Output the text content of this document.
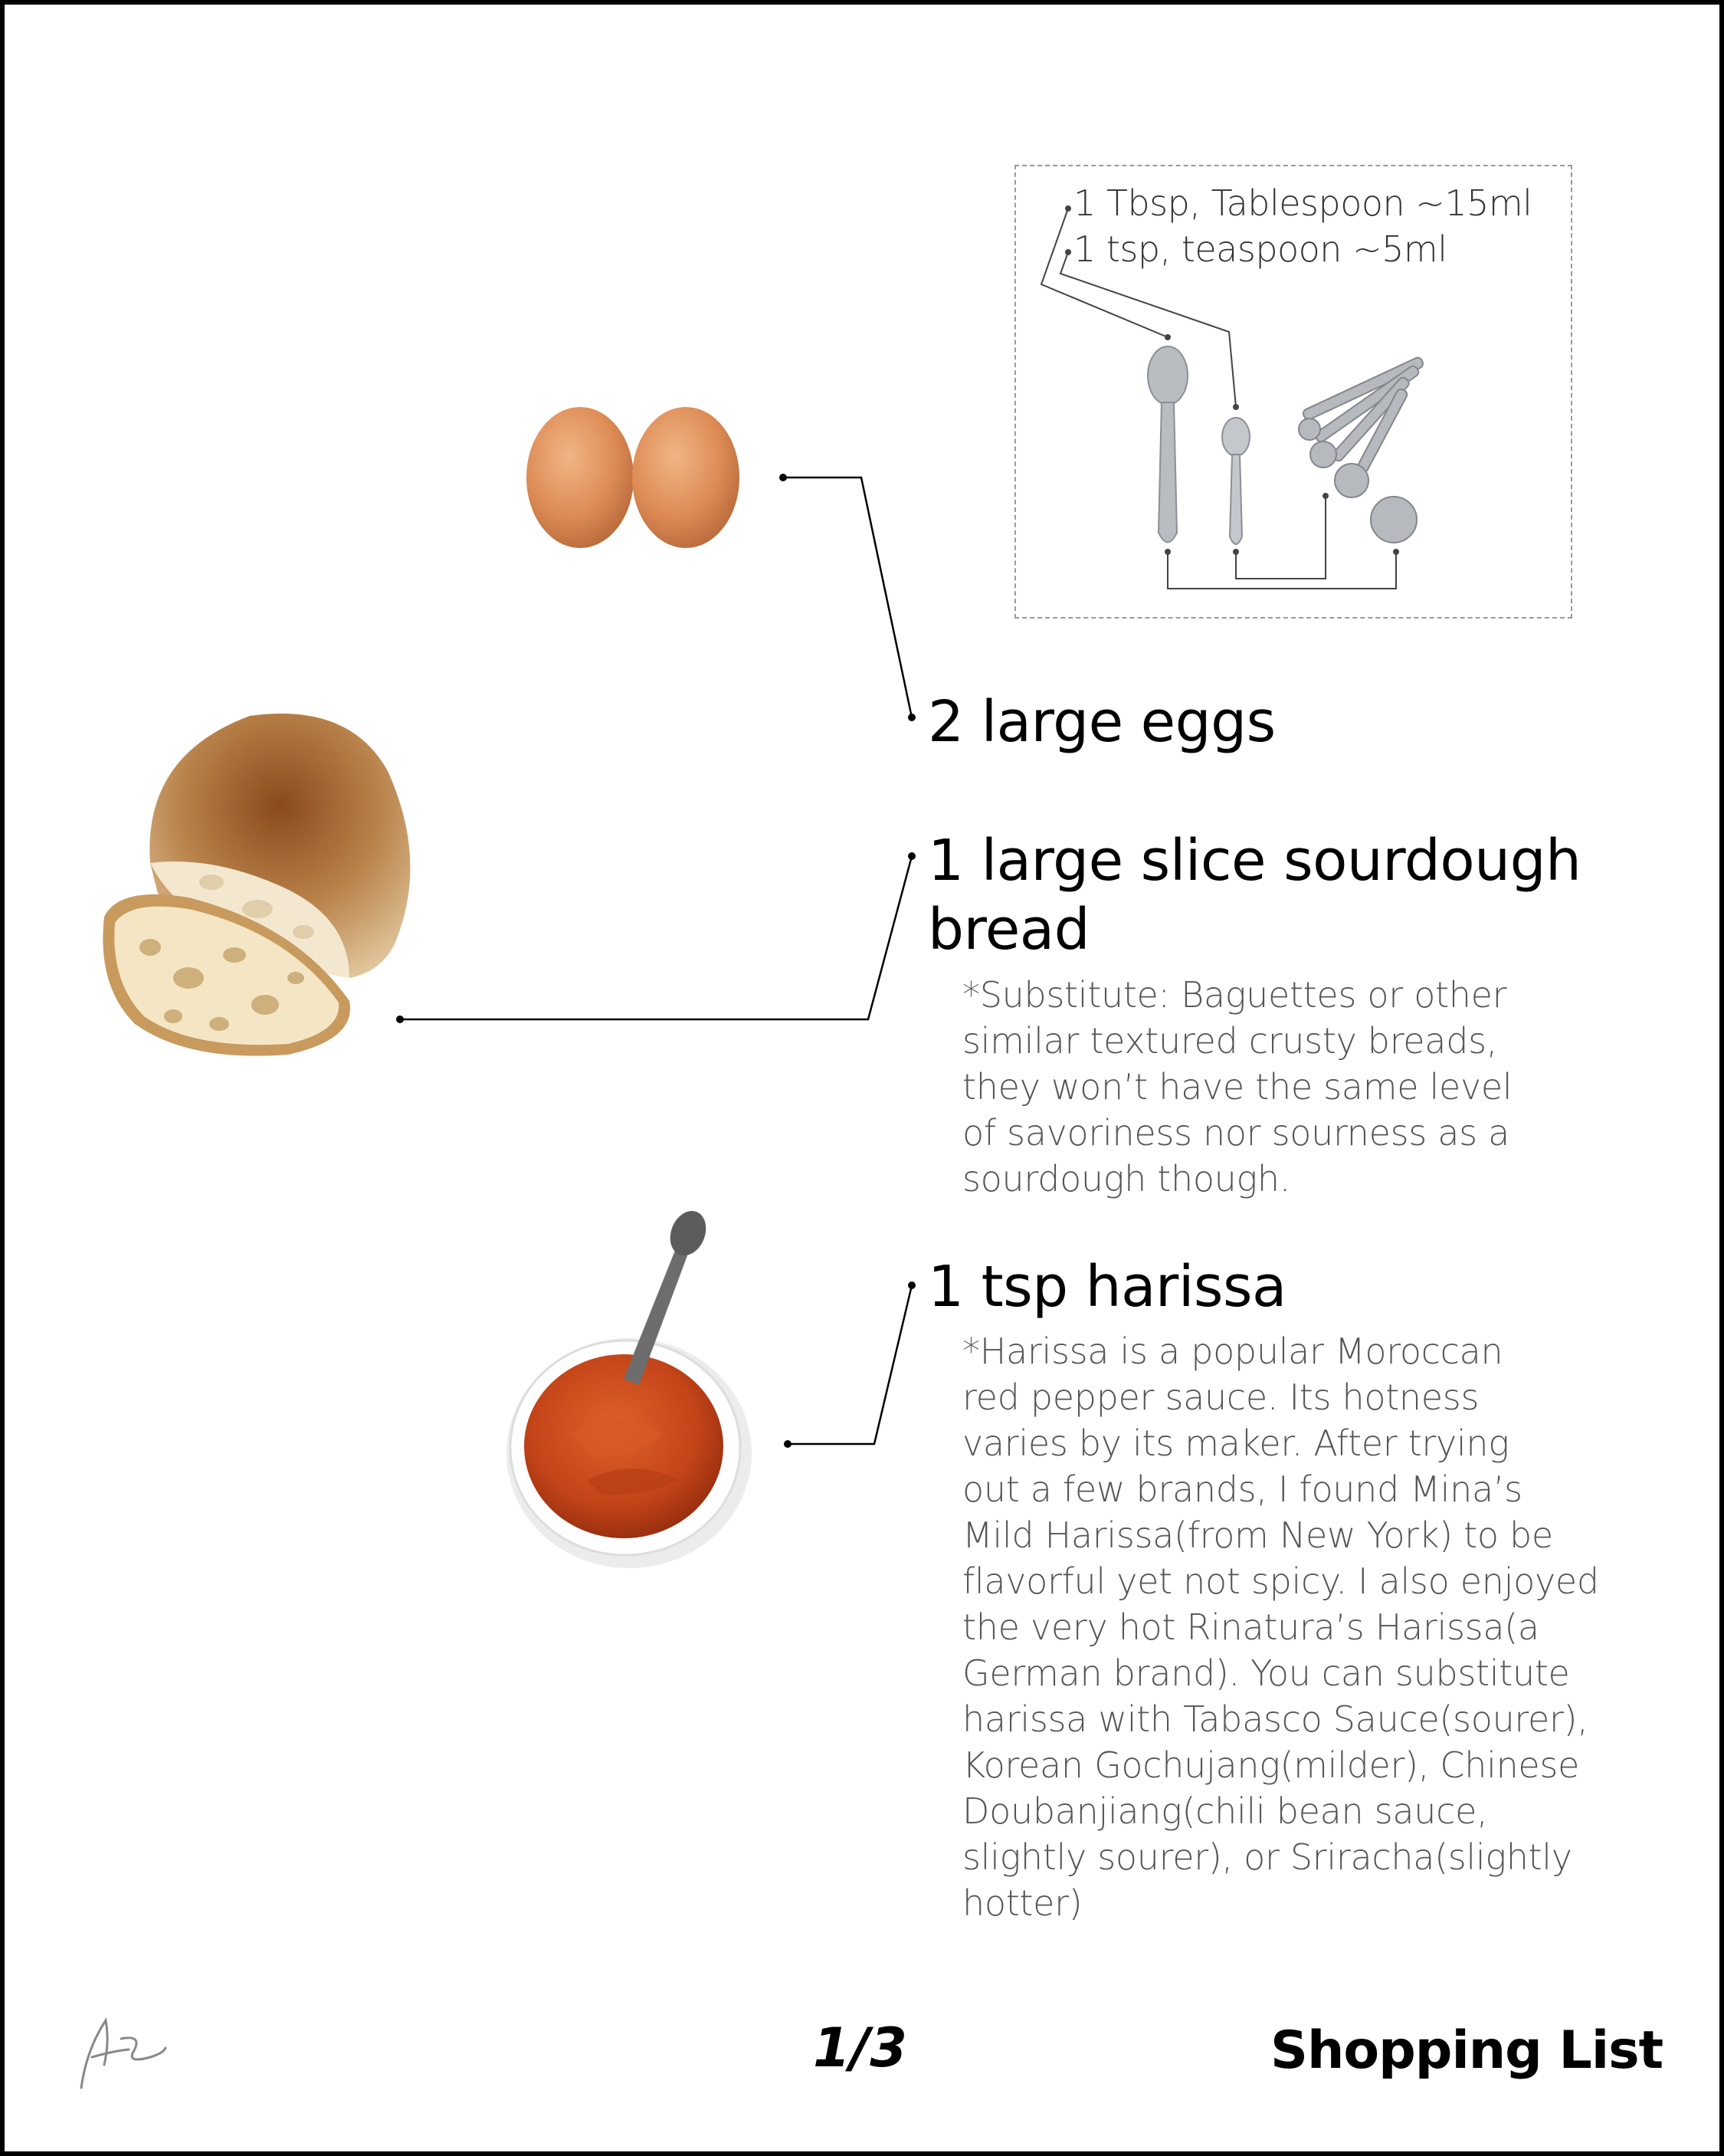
1 Tbsp, Tablespoon ~15ml
1 tsp, teaspoon ~5ml
2 large eggs
1 large slice sourdough
bread
*Substitute: Baguettes or other
similar textured crusty breads,
they won’t have the same level
of savoriness nor sourness as a
sourdough though.
1 tsp harissa
*Harissa is a popular Moroccan
red pepper sauce. Its hotness
varies by its maker. After trying
out a few brands, I found Mina’s
Mild Harissa(from New York) to be
flavorful yet not spicy. I also enjoyed
the very hot Rinatura’s Harissa(a
German brand). You can substitute
harissa with Tabasco Sauce(sourer),
Korean Gochujang(milder), Chinese
Doubanjiang(chili bean sauce,
slightly sourer), or Sriracha(slightly
hotter)
1/3	Shopping List
